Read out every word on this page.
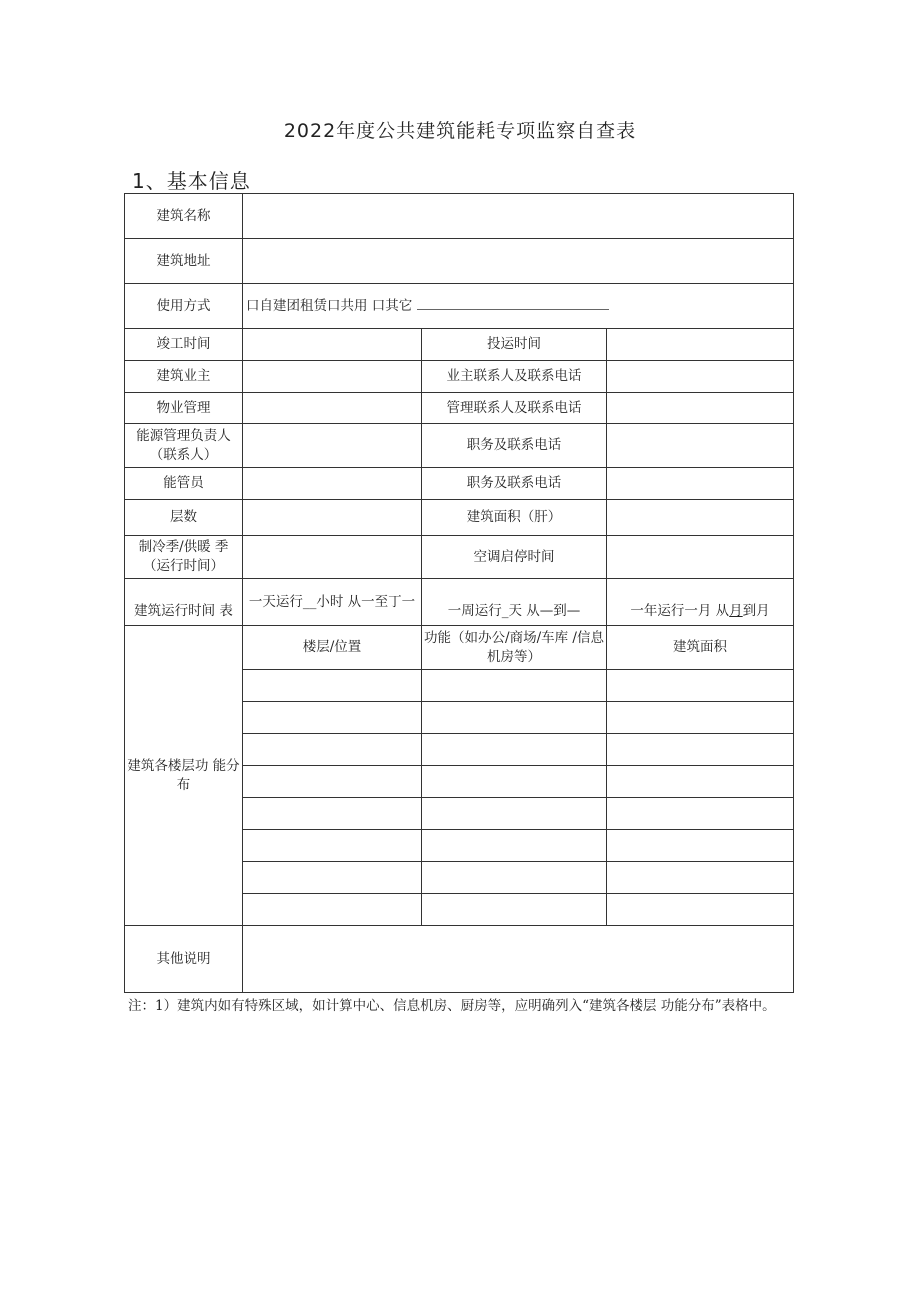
2022年度公共建筑能耗专项监察自查表
1、基本信息
建筑名称			
建筑地址			
使用方式	口自建团租赁口共用 口其它		
竣工时间		投运时间	
建筑业主		业主联系人及联系电话	
物业管理		管理联系人及联系电话	
能源管理负责人（联系人）		职务及联系电话	
能管员		职务及联系电话	
层数		建筑面积（肝）	
制冷季/供暖 季（运行时间）		空调启停时间	
建筑运行时间 表	一天运行__小时 从一至丁一	一周运行_天 从—到—	一年运行一月 从月到月
建筑各楼层功 能分布	楼层/位置	功能（如办公/商场/车库 /信息机房等）	建筑面积

其他说明			
注：1）建筑内如有特殊区域，如计算中心、信息机房、厨房等，应明确列入“建筑各楼层 功能分布”表格中。
